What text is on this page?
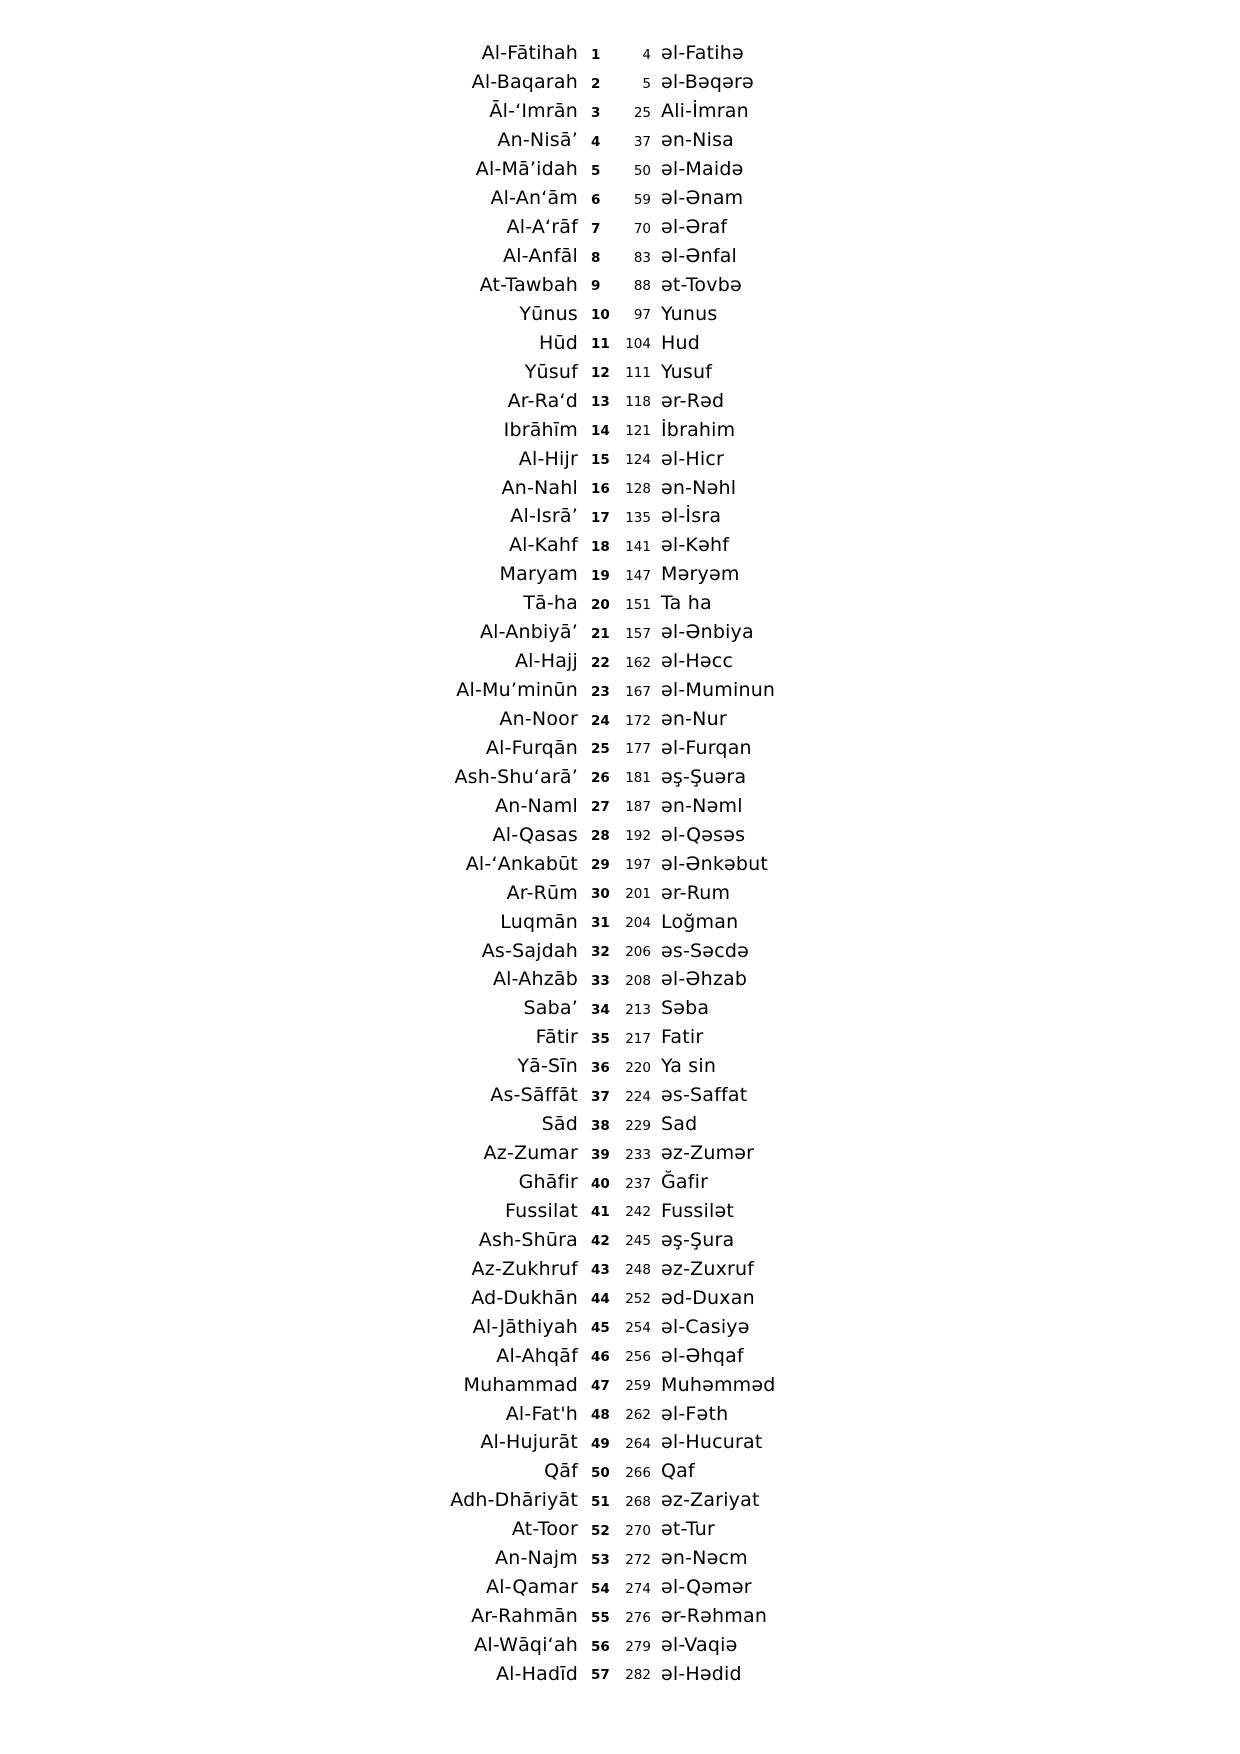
Al-Fātihah 1	4 əl-Fatihə
Al-Baqarah 2	5 əl-Bəqərə
Āl-‘Imrān 3	25 Ali-İmran
An-Nisā’ 4	37 ən-Nisa
Al-Mā’idah 5	50 əl-Maidə
Al-An‘ām 6	59 əl-Ənam
Al-A‘rāf 7	70 əl-Əraf
Al-Anfāl 8	83 əl-Ənfal
At-Tawbah 9	88 ət-Tovbə
Yūnus 10	97 Yunus
Hūd 11	104 Hud
Yūsuf 12	111 Yusuf
Ar-Ra‘d 13	118 ər-Rəd
Ibrāhīm 14	121 İbrahim
Al-Hijr 15	124 əl-Hicr
An-Nahl 16	128 ən-Nəhl
Al-Isrā’ 17	135 əl-İsra
Al-Kahf 18	141 əl-Kəhf
Maryam 19	147 Məryəm
Tā-ha 20	151 Ta ha
Al-Anbiyā’ 21	157 əl-Ənbiya
Al-Hajj 22	162 əl-Həcc
Al-Mu’minūn 23	167 əl-Muminun
An-Noor 24	172 ən-Nur
Al-Furqān 25	177 əl-Furqan
Ash-Shu‘arā’ 26	181 əş-Şuəra
An-Naml 27	187 ən-Nəml
Al-Qasas 28	192 əl-Qəsəs
Al-‘Ankabūt 29	197 əl-Ənkəbut
Ar-Rūm 30	201 ər-Rum
Luqmān 31	204 Loğman
As-Sajdah 32	206 əs-Səcdə
Al-Ahzāb 33	208 əl-Əhzab
Saba’ 34	213 Səba
Fātir 35	217 Fatir
Yā-Sīn 36	220 Ya sin
As-Sāffāt 37	224 əs-Saffat
Sād 38	229 Sad
Az-Zumar 39	233 əz-Zumər
Ghāfir 40	237 Ğafir
Fussilat 41	242 Fussilət
Ash-Shūra 42	245 əş-Şura
Az-Zukhruf 43	248 əz-Zuxruf
Ad-Dukhān 44	252 əd-Duxan
Al-Jāthiyah 45	254 əl-Casiyə
Al-Ahqāf 46	256 əl-Əhqaf
Muhammad 47	259 Muhəmməd
Al-Fat'h 48	262 əl-Fəth
Al-Hujurāt 49	264 əl-Hucurat
Qāf 50	266 Qaf
Adh-Dhāriyāt 51	268 əz-Zariyat
At-Toor 52	270 ət-Tur
An-Najm 53	272 ən-Nəcm
Al-Qamar 54	274 əl-Qəmər
Ar-Rahmān 55	276 ər-Rəhman
Al-Wāqi‘ah 56	279 əl-Vaqiə
Al-Hadīd 57	282 əl-Hədid
